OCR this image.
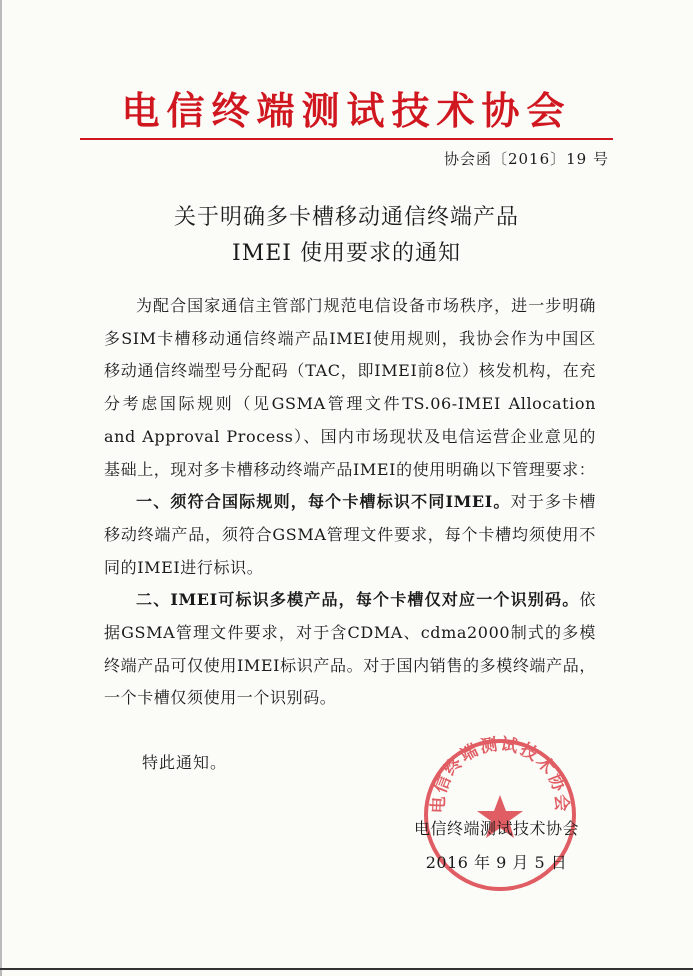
电信终端测试技术协会
协会函〔2016〕19 号
关于明确多卡槽移动通信终端产品
IMEI 使用要求的通知

为配合国家通信主管部门规范电信设备市场秩序，进一步明确多SIM卡槽移动通信终端产品IMEI使用规则，我协会作为中国区移动通信终端型号分配码（TAC，即IMEI前8位）核发机构，在充分考虑国际规则（见GSMA管理文件TS.06-IMEI Allocation and Approval Process）、国内市场现状及电信运营企业意见的基础上，现对多卡槽移动终端产品IMEI的使用明确以下管理要求：

一、须符合国际规则，每个卡槽标识不同IMEI。对于多卡槽移动终端产品，须符合GSMA管理文件要求，每个卡槽均须使用不同的IMEI进行标识。

二、IMEI可标识多模产品，每个卡槽仅对应一个识别码。依据GSMA管理文件要求，对于含CDMA、cdma2000制式的多模终端产品可仅使用IMEI标识产品。对于国内销售的多模终端产品，一个卡槽仅须使用一个识别码。

特此通知。
电信终端测试技术协会
电信终端测试技术协会
2016 年 9 月 5 日
